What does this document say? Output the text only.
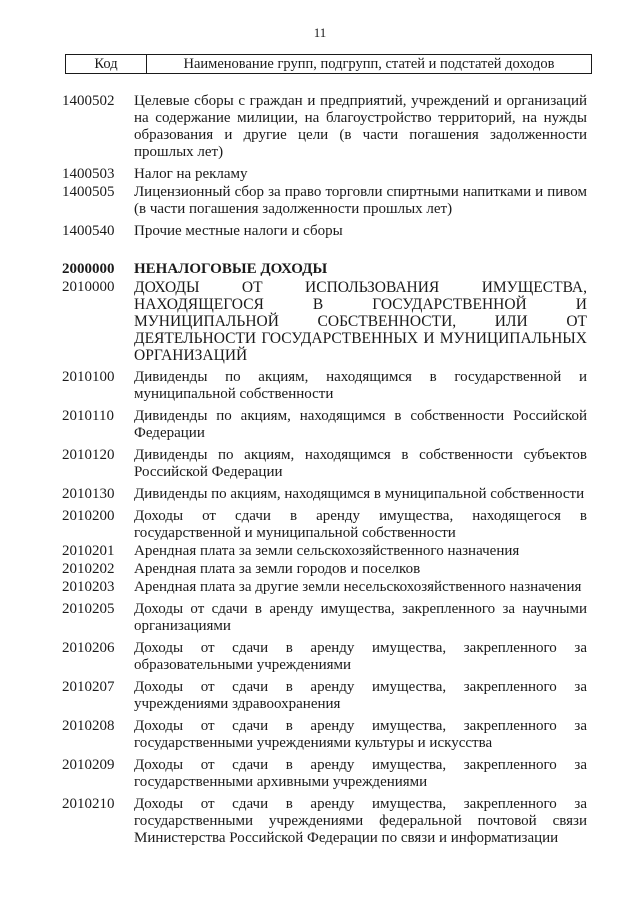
11
Код	Наименование групп, подгрупп, статей и подстатей доходов
1400502	Целевые сборы с граждан и предприятий, учреждений и организаций на содержание милиции, на благоустройство территорий, на нужды образования и другие цели (в части погашения задолженности прошлых лет)
1400503	Налог на рекламу
1400505	Лицензионный сбор за право торговли спиртными напитками и пивом (в части погашения задолженности прошлых лет)
1400540	Прочие местные налоги и сборы
2000000	НЕНАЛОГОВЫЕ ДОХОДЫ
2010000	ДОХОДЫ ОТ ИСПОЛЬЗОВАНИЯ ИМУЩЕСТВА, НАХОДЯЩЕГОСЯ В ГОСУДАРСТВЕННОЙ И МУНИЦИПАЛЬНОЙ СОБСТВЕННОСТИ, ИЛИ ОТ ДЕЯТЕЛЬНОСТИ ГОСУДАРСТВЕННЫХ И МУНИЦИПАЛЬНЫХ ОРГАНИЗАЦИЙ
2010100	Дивиденды по акциям, находящимся в государственной и муниципальной собственности
2010110	Дивиденды по акциям, находящимся в собственности Российской Федерации
2010120	Дивиденды по акциям, находящимся в собственности субъектов Российской Федерации
2010130	Дивиденды по акциям, находящимся в муниципальной собственности
2010200	Доходы от сдачи в аренду имущества, находящегося в государственной и муниципальной собственности
2010201	Арендная плата за земли сельскохозяйственного назначения
2010202	Арендная плата за земли городов и поселков
2010203	Арендная плата за другие земли несельскохозяйственного назначения
2010205	Доходы от сдачи в аренду имущества, закрепленного за научными организациями
2010206	Доходы от сдачи в аренду имущества, закрепленного за образовательными учреждениями
2010207	Доходы от сдачи в аренду имущества, закрепленного за учреждениями здравоохранения
2010208	Доходы от сдачи в аренду имущества, закрепленного за государственными учреждениями культуры и искусства
2010209	Доходы от сдачи в аренду имущества, закрепленного за государственными архивными учреждениями
2010210	Доходы от сдачи в аренду имущества, закрепленного за государственными учреждениями федеральной почтовой связи Министерства Российской Федерации по связи и информатизации
